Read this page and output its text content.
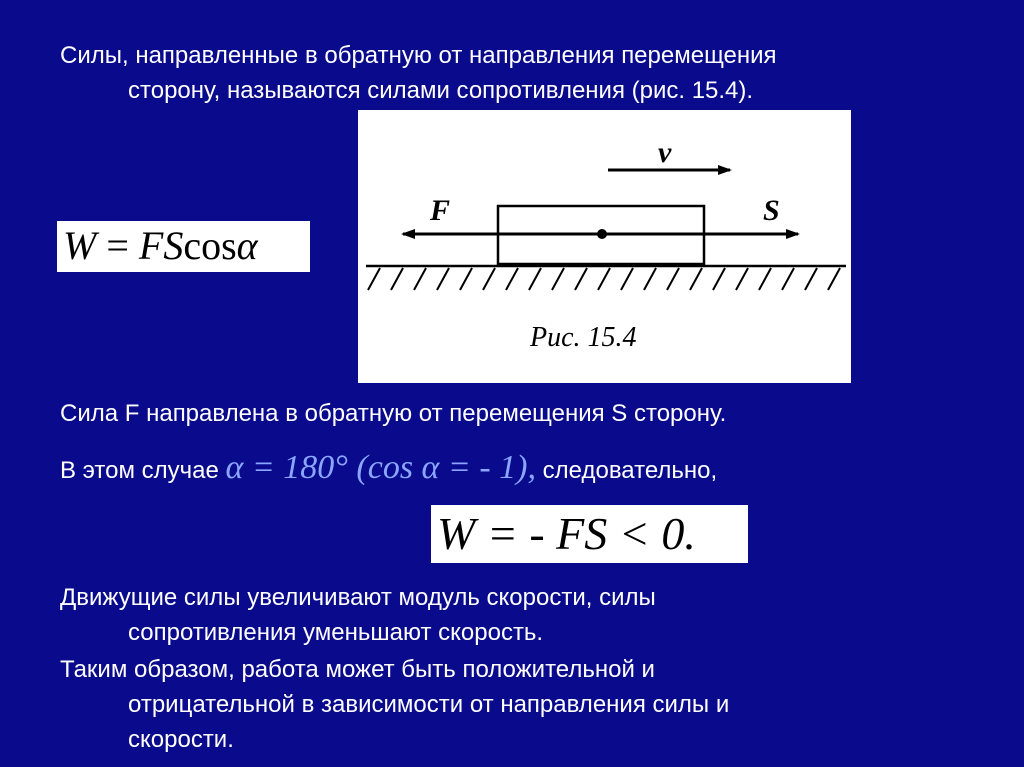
Силы, направленные в обратную от направления перемещения
сторону, называются силами сопротивления (рис. 15.4).

W = FScosα
v
F	S
Рис. 15.4

Сила F направлена в обратную от перемещения S сторону.

В этом случае α = 180° (cos α = - 1), следовательно,

W = - FS < 0.

Движущие силы увеличивают модуль скорости, силы
сопротивления уменьшают скорость.

Таким образом, работа может быть положительной и
отрицательной в зависимости от направления силы и
скорости.
